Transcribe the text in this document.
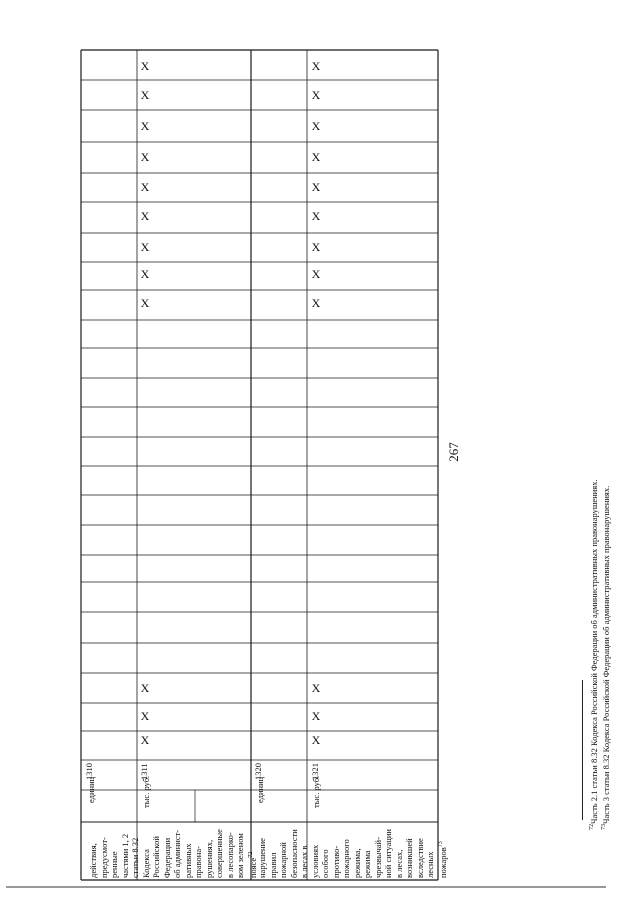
267
1310
единиц
1311
тыс. руб.
действия, предусмот- ренные частями 1, 2 статьи 8.32 Кодекса Российской Федерации об админист- ративных правона- рушениях, совершенные в лесопарко- вом зеленом поясе$^{72}$
1320
единиц
1321
тыс. руб.
нарушение правил пожарной безопасности в лесах в условиях особого противо- пожарного режима, режима чрезвычай- ной ситуации в лесах, возникшей вследствие лесных пожаров$^{73}$
X
X
X
X
X
X
X
X
X
X
X
X
X
X
X
X
X
X
X
X
X
X
X
X
$^{72}$Часть 2.1 статьи 8.32 Кодекса Российской Федерации об административных правонарушениях.
$^{73}$Часть 3 статьи 8.32 Кодекса Российской Федерации об административных правонарушениях.
